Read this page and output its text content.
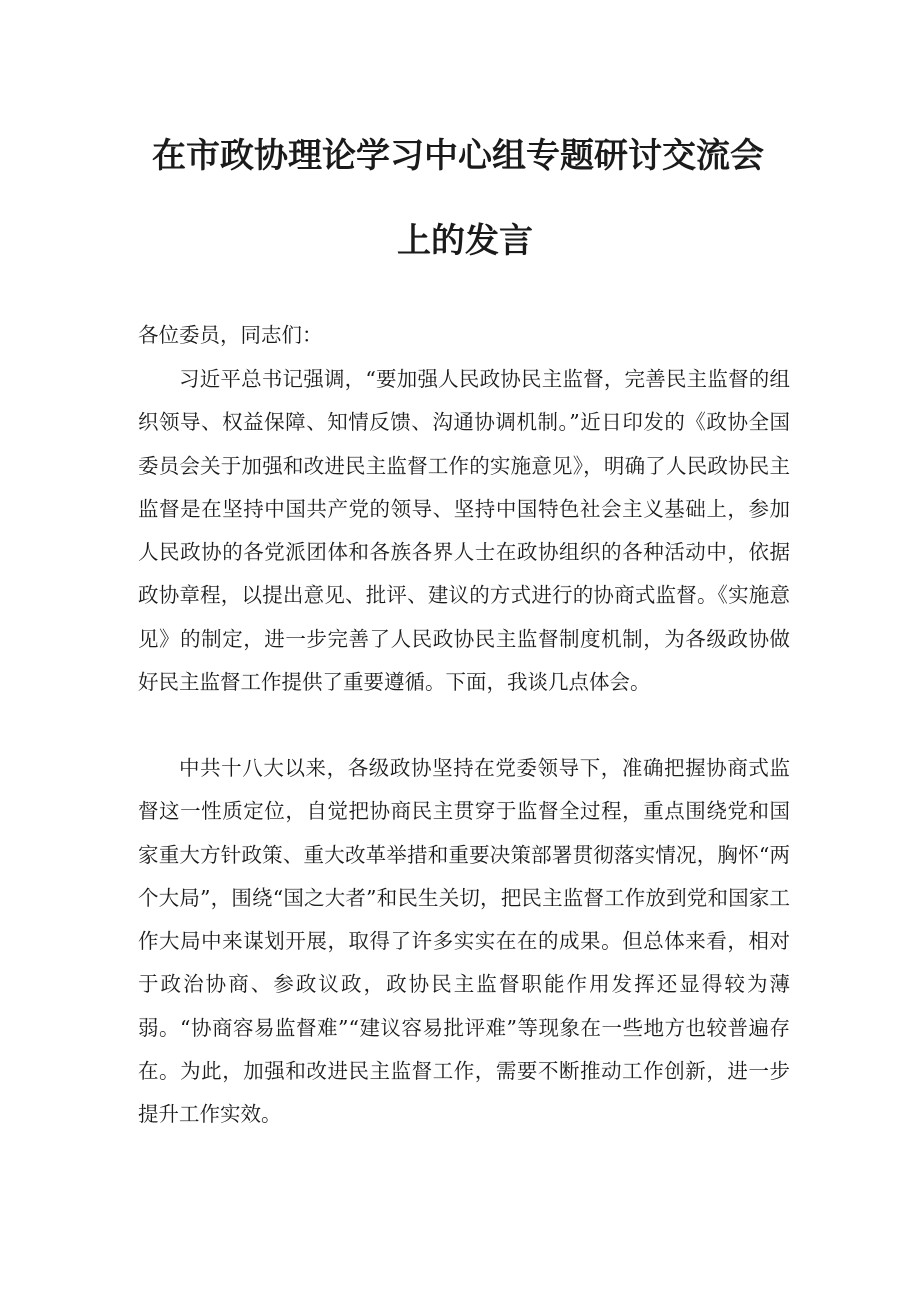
在市政协理论学习中心组专题研讨交流会
上的发言

各位委员，同志们：

习近平总书记强调，“要加强人民政协民主监督，完善民主监督的组织领导、权益保障、知情反馈、沟通协调机制。”近日印发的《政协全国委员会关于加强和改进民主监督工作的实施意见》，明确了人民政协民主监督是在坚持中国共产党的领导、坚持中国特色社会主义基础上，参加人民政协的各党派团体和各族各界人士在政协组织的各种活动中，依据政协章程，以提出意见、批评、建议的方式进行的协商式监督。《实施意见》的制定，进一步完善了人民政协民主监督制度机制，为各级政协做好民主监督工作提供了重要遵循。下面，我谈几点体会。

中共十八大以来，各级政协坚持在党委领导下，准确把握协商式监督这一性质定位，自觉把协商民主贯穿于监督全过程，重点围绕党和国家重大方针政策、重大改革举措和重要决策部署贯彻落实情况，胸怀“两个大局”，围绕“国之大者”和民生关切，把民主监督工作放到党和国家工作大局中来谋划开展，取得了许多实实在在的成果。但总体来看，相对于政治协商、参政议政，政协民主监督职能作用发挥还显得较为薄弱。“协商容易监督难”“建议容易批评难”等现象在一些地方也较普遍存在。为此，加强和改进民主监督工作，需要不断推动工作创新，进一步提升工作实效。
